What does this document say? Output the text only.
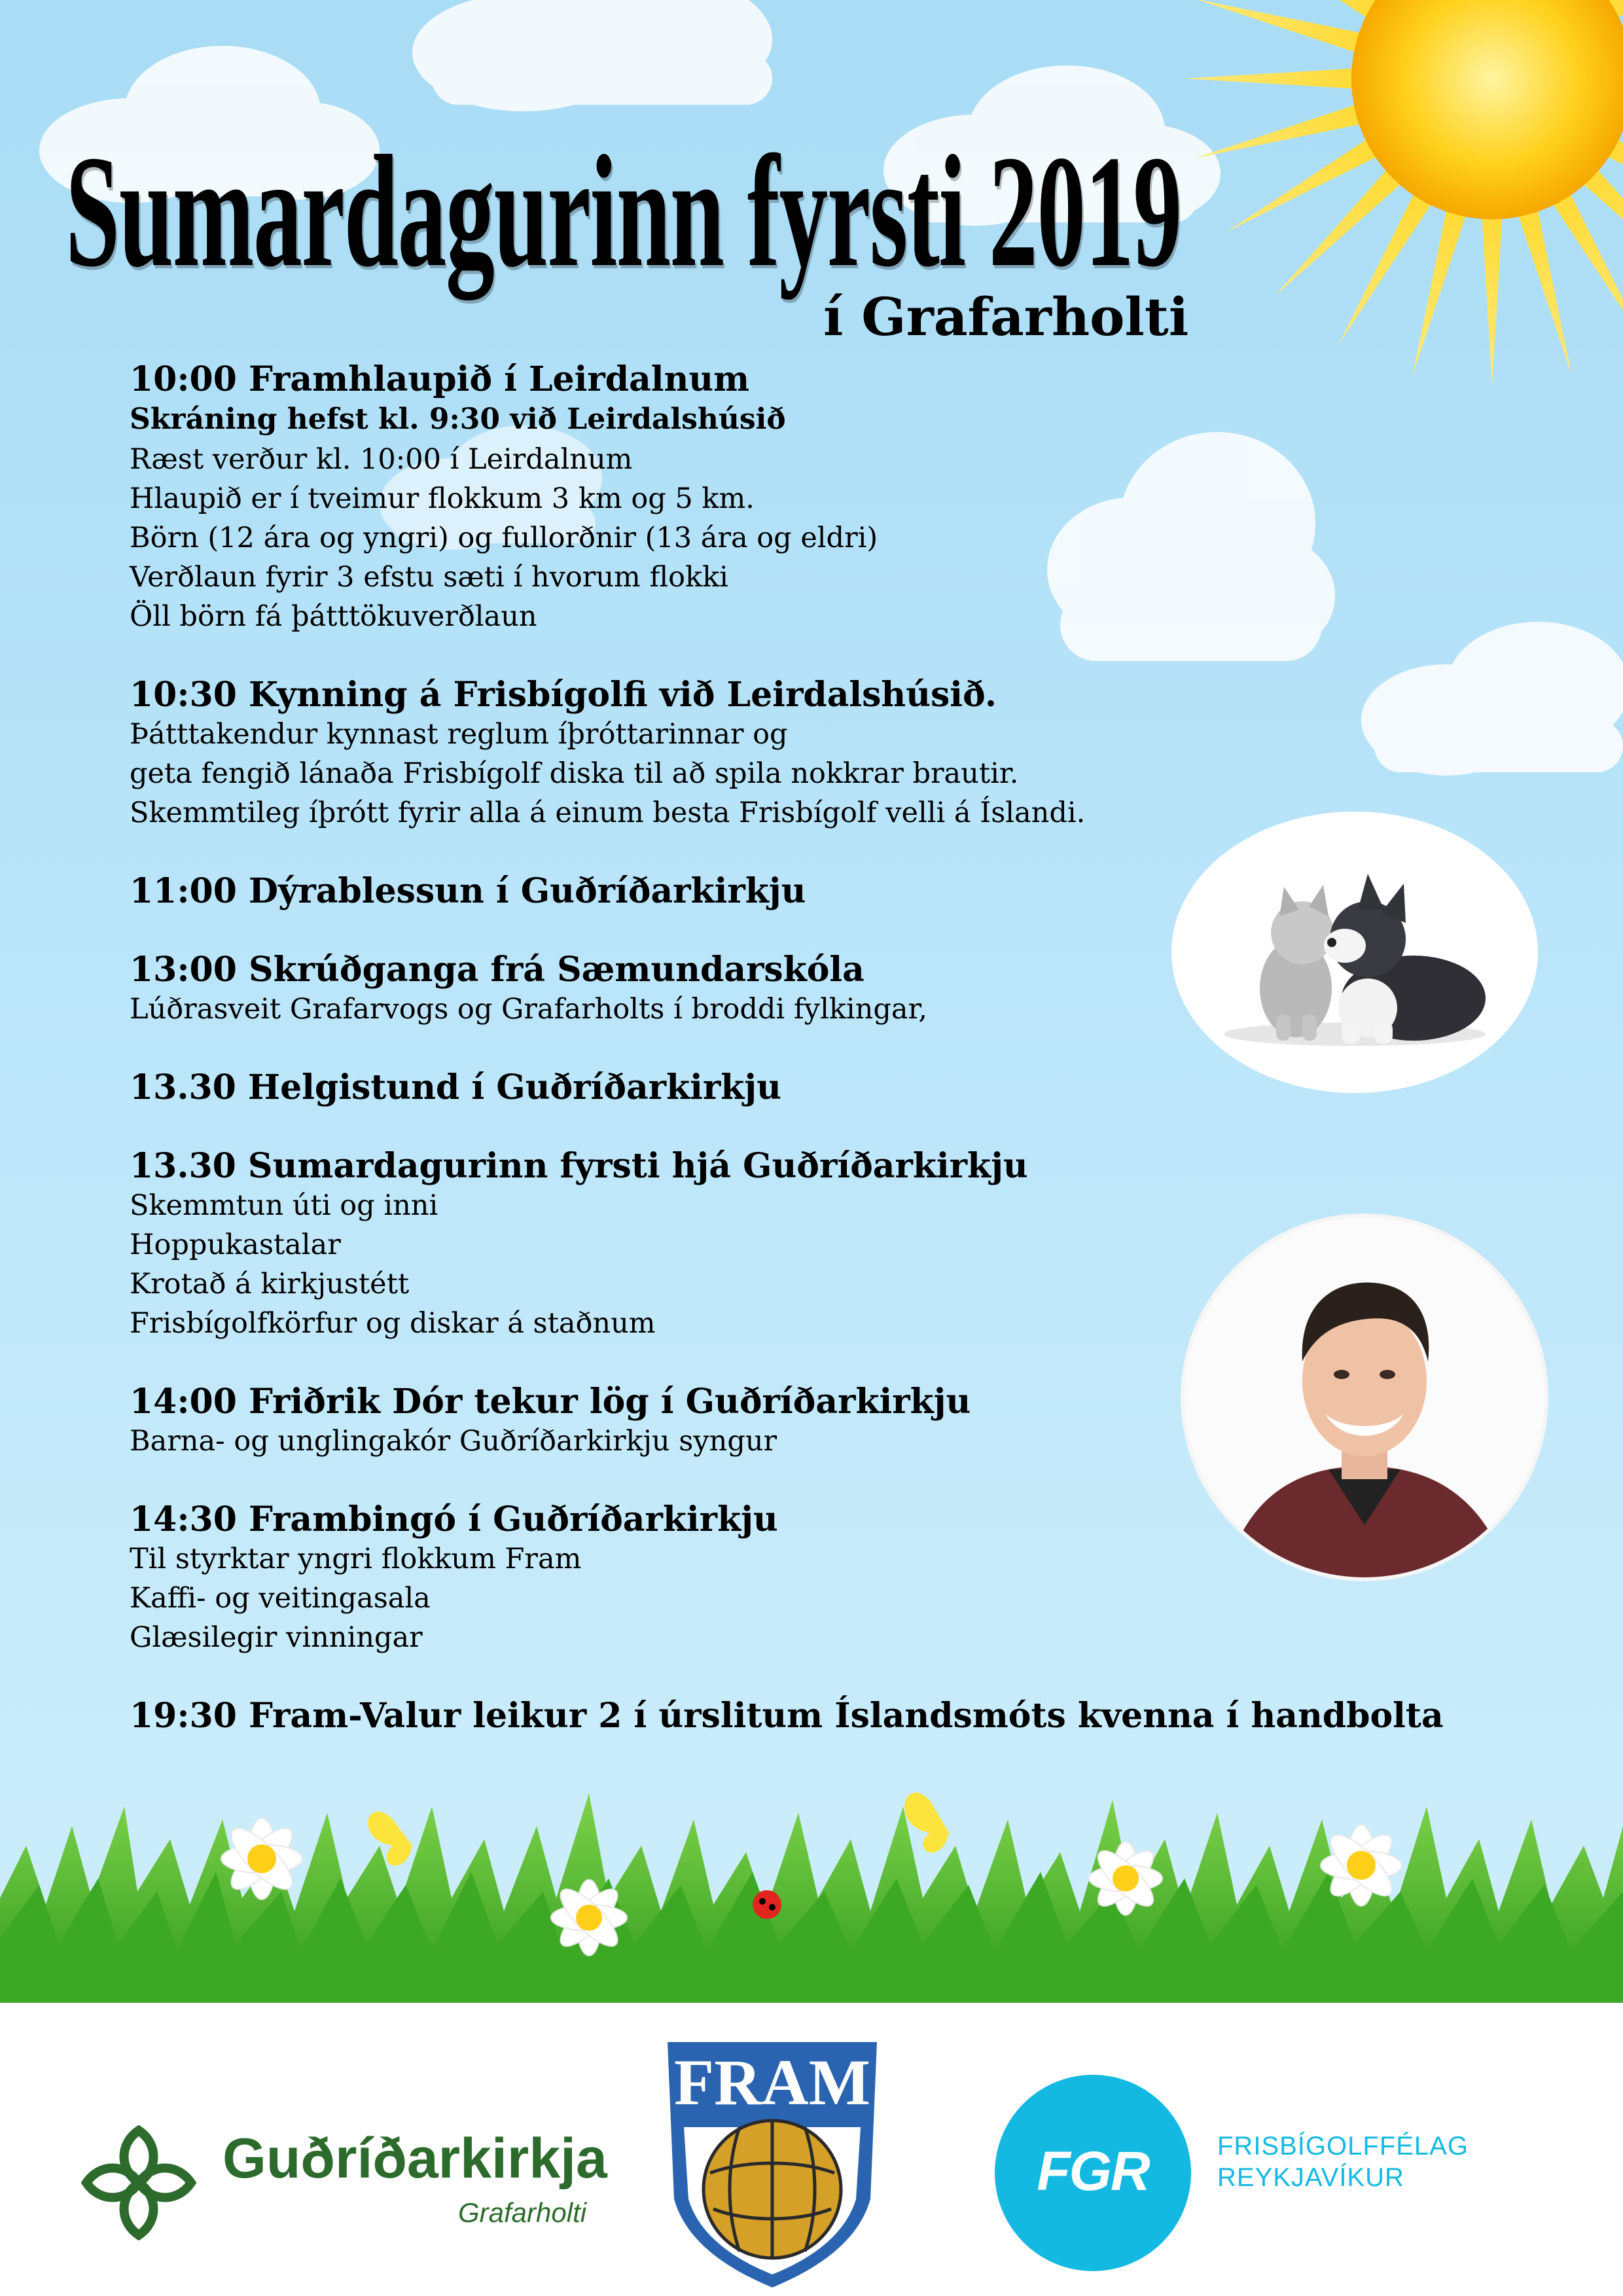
Sumardagurinn fyrsti 2019
í Grafarholti
10:00 Framhlaupið í Leirdalnum
Skráning hefst kl. 9:30 við Leirdalshúsið
Ræst verður kl. 10:00 í Leirdalnum
Hlaupið er í tveimur flokkum 3 km og 5 km.
Börn (12 ára og yngri) og fullorðnir (13 ára og eldri)
Verðlaun fyrir 3 efstu sæti í hvorum flokki
Öll börn fá þátttökuverðlaun
10:30 Kynning á Frisbígolfi við Leirdalshúsið.
Þátttakendur kynnast reglum íþróttarinnar og
geta fengið lánaða Frisbígolf diska til að spila nokkrar brautir.
Skemmtileg íþrótt fyrir alla á einum besta Frisbígolf velli á Íslandi.
11:00 Dýrablessun í Guðríðarkirkju
13:00 Skrúðganga frá Sæmundarskóla
Lúðrasveit Grafarvogs og Grafarholts í broddi fylkingar,
13.30 Helgistund í Guðríðarkirkju
13.30 Sumardagurinn fyrsti hjá Guðríðarkirkju
Skemmtun úti og inni
Hoppukastalar
Krotað á kirkjustétt
Frisbígolfkörfur og diskar á staðnum
14:00 Friðrik Dór tekur lög í Guðríðarkirkju
Barna- og unglingakór Guðríðarkirkju syngur
14:30 Frambingó í Guðríðarkirkju
Til styrktar yngri flokkum Fram
Kaffi- og veitingasala
Glæsilegir vinningar
19:30 Fram-Valur leikur 2 í úrslitum Íslandsmóts kvenna í handbolta
Guðríðarkirkja
Grafarholti
FRAM
FGR	FRISBÍGOLFFÉLAG
REYKJAVÍKUR
